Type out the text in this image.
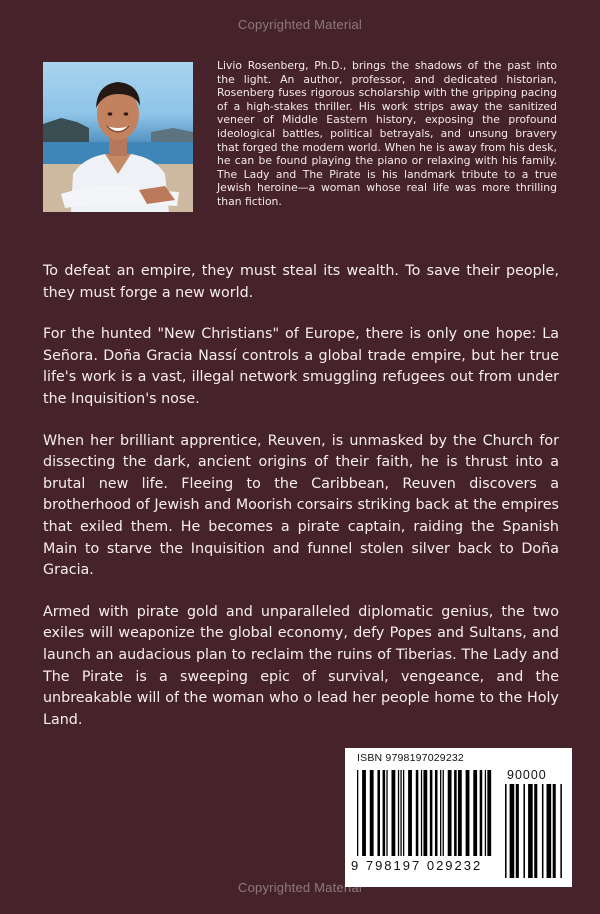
Copyrighted Material

Livio Rosenberg, Ph.D., brings the shadows of the past into the light. An author, professor, and dedicated historian, Rosenberg fuses rigorous scholarship with the gripping pacing of a high-stakes thriller. His work strips away the sanitized veneer of Middle Eastern history, exposing the profound ideological battles, political betrayals, and unsung bravery that forged the modern world. When he is away from his desk, he can be found playing the piano or relaxing with his family. The Lady and The Pirate is his landmark tribute to a true Jewish heroine—a woman whose real life was more thrilling than fiction.

To defeat an empire, they must steal its wealth. To save their people, they must forge a new world.

For the hunted "New Christians" of Europe, there is only one hope: La Señora. Doña Gracia Nassí controls a global trade empire, but her true life's work is a vast, illegal network smuggling refugees out from under the Inquisition's nose.

When her brilliant apprentice, Reuven, is unmasked by the Church for dissecting the dark, ancient origins of their faith, he is thrust into a brutal new life. Fleeing to the Caribbean, Reuven discovers a brotherhood of Jewish and Moorish corsairs striking back at the empires that exiled them. He becomes a pirate captain, raiding the Spanish Main to starve the Inquisition and funnel stolen silver back to Doña Gracia.

Armed with pirate gold and unparalleled diplomatic genius, the two exiles will weaponize the global economy, defy Popes and Sultans, and launch an audacious plan to reclaim the ruins of Tiberias. The Lady and The Pirate is a sweeping epic of survival, vengeance, and the unbreakable will of the woman who o lead her people home to the Holy Land.

ISBN 9798197029232
90000
9 798197 029232
Copyrighted Material
